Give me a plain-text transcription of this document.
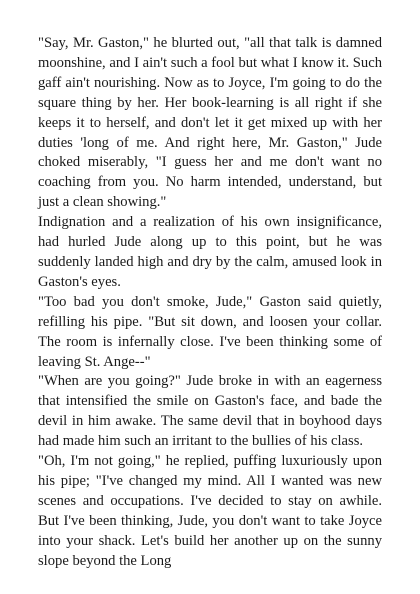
"Say, Mr. Gaston," he blurted out, "all that talk is damned moonshine, and I ain't such a fool but what I know it. Such gaff ain't nourishing. Now as to Joyce, I'm going to do the square thing by her. Her book-learning is all right if she keeps it to herself, and don't let it get mixed up with her duties 'long of me. And right here, Mr. Gaston," Jude choked miserably, "I guess her and me don't want no coaching from you. No harm intended, understand, but just a clean showing."

Indignation and a realization of his own insignificance, had hurled Jude along up to this point, but he was suddenly landed high and dry by the calm, amused look in Gaston's eyes.

"Too bad you don't smoke, Jude," Gaston said quietly, refilling his pipe. "But sit down, and loosen your collar. The room is infernally close. I've been thinking some of leaving St. Ange--"

"When are you going?" Jude broke in with an eagerness that intensified the smile on Gaston's face, and bade the devil in him awake. The same devil that in boyhood days had made him such an irritant to the bullies of his class.

"Oh, I'm not going," he replied, puffing luxuriously upon his pipe; "I've changed my mind. All I wanted was new scenes and occupations. I've decided to stay on awhile. But I've been thinking, Jude, you don't want to take Joyce into your shack. Let's build her another up on the sunny slope beyond the Long
